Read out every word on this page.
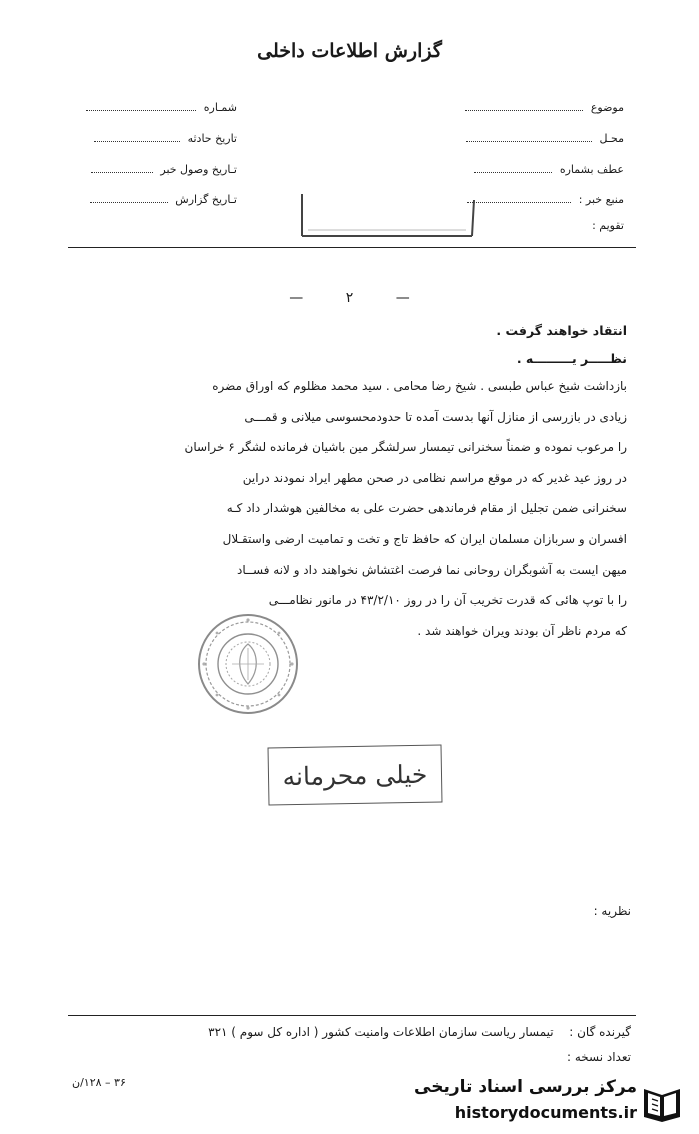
گزارش اطلاعات داخلی
موضوع
محـل
عطف بشماره
منبع خبر :
تقویم :
شمـاره
تاریخ حادثه
تـاریخ وصول خبر
تـاریخ گزارش
— ۲ —
انتقاد خواهند گرفت .
نظـــــر یـــــــــه .

بازداشت شیخ عباس طبسی . شیخ رضا محامی . سید محمد مظلوم که اوراق مضره

زیادی در بازرسی از منازل آنها بدست آمده تا حدودمحسوسی میلانی و قمـــی

را مرعوب نموده و ضمناً سخنرانی تیمسار سرلشگر مین باشیان فرمانده لشگر ۶ خراسان

در روز عید غدیر که در موقع مراسم نظامی در صحن مطهر ایراد نمودند دراین

سخنرانی ضمن تجلیل از مقام فرماندهی حضرت علی به مخالفین هوشدار داد کـه

افسران و سربازان مسلمان ایران که حافظ تاج و تخت و تمامیت ارضی واستقـلال

میهن ایست به آشوبگران روحانی نما فرصت اغتشاش نخواهند داد و لانه فســاد

را با توپ هائی که قدرت تخریب آن را در روز ۴۳/۲/۱۰ در مانور نظامـــی

که مردم ناظر آن بودند ویران خواهند شد .

خیلی محرمانه
نظریه :
گیرنده گان :  تیمسار ریاست سازمان اطلاعات وامنیت کشور ( اداره کل سوم ) ۳۲۱
تعداد نسخه :
۳۶ – ۱۲۸/ن	مرکز بررسی اسناد تاریخی
historydocuments.ir
